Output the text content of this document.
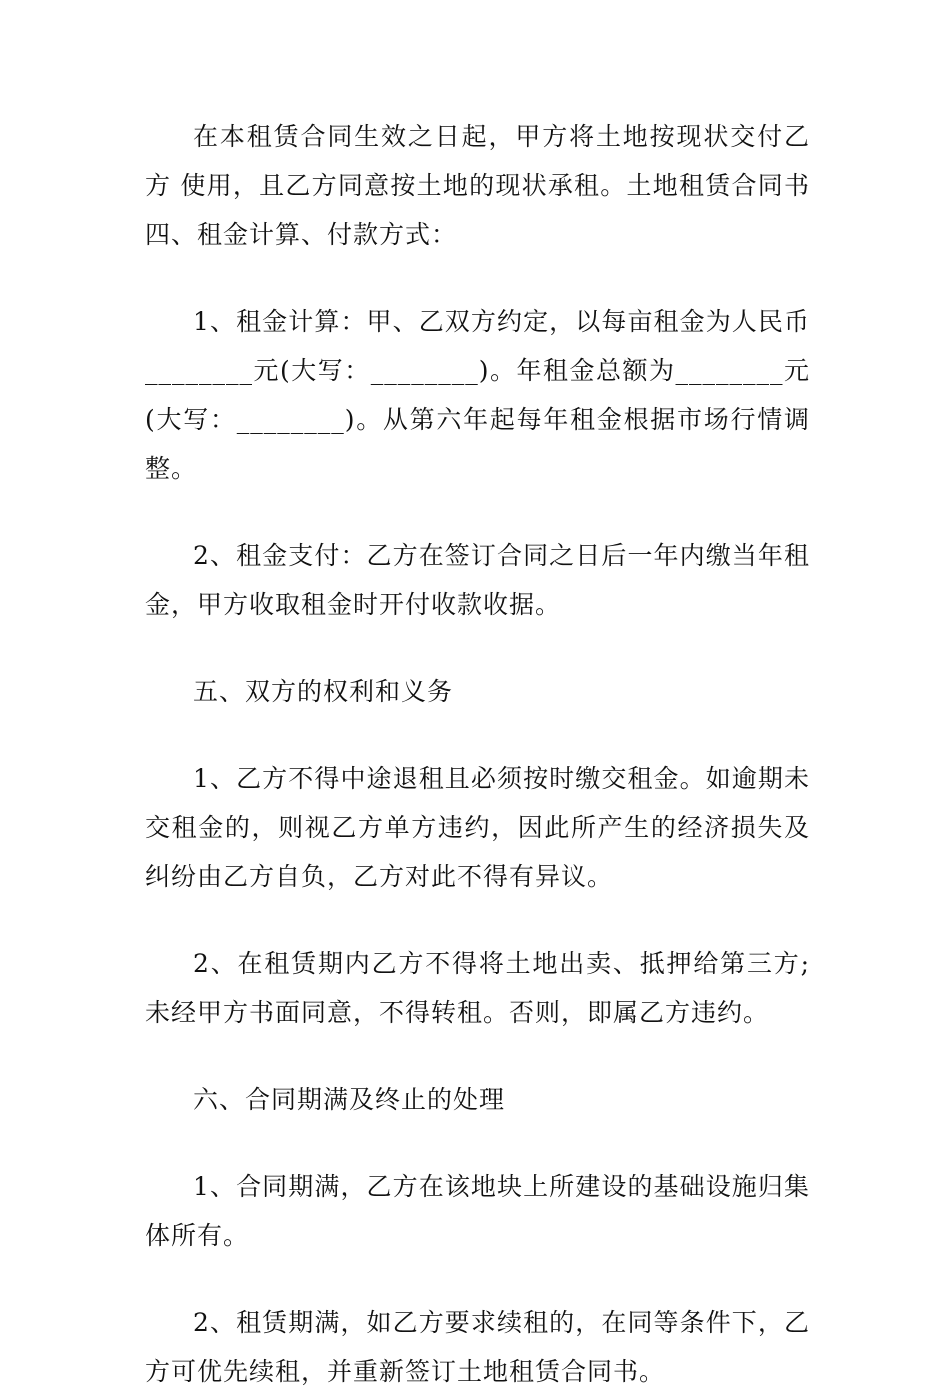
在本租赁合同生效之日起，甲方将土地按现状交付乙方 使用，且乙方同意按土地的现状承租。土地租赁合同书四、租金计算、付款方式：

1、租金计算：甲、乙双方约定，以每亩租金为人民币________元(大写：________)。年租金总额为________元(大写：________)。从第六年起每年租金根据市场行情调整。

2、租金支付：乙方在签订合同之日后一年内缴当年租金，甲方收取租金时开付收款收据。

五、双方的权利和义务

1、乙方不得中途退租且必须按时缴交租金。如逾期未交租金的，则视乙方单方违约，因此所产生的经济损失及纠纷由乙方自负，乙方对此不得有异议。

2、在租赁期内乙方不得将土地出卖、抵押给第三方;未经甲方书面同意，不得转租。否则，即属乙方违约。

六、合同期满及终止的处理

1、合同期满，乙方在该地块上所建设的基础设施归集体所有。

2、租赁期满，如乙方要求续租的，在同等条件下，乙方可优先续租，并重新签订土地租赁合同书。
